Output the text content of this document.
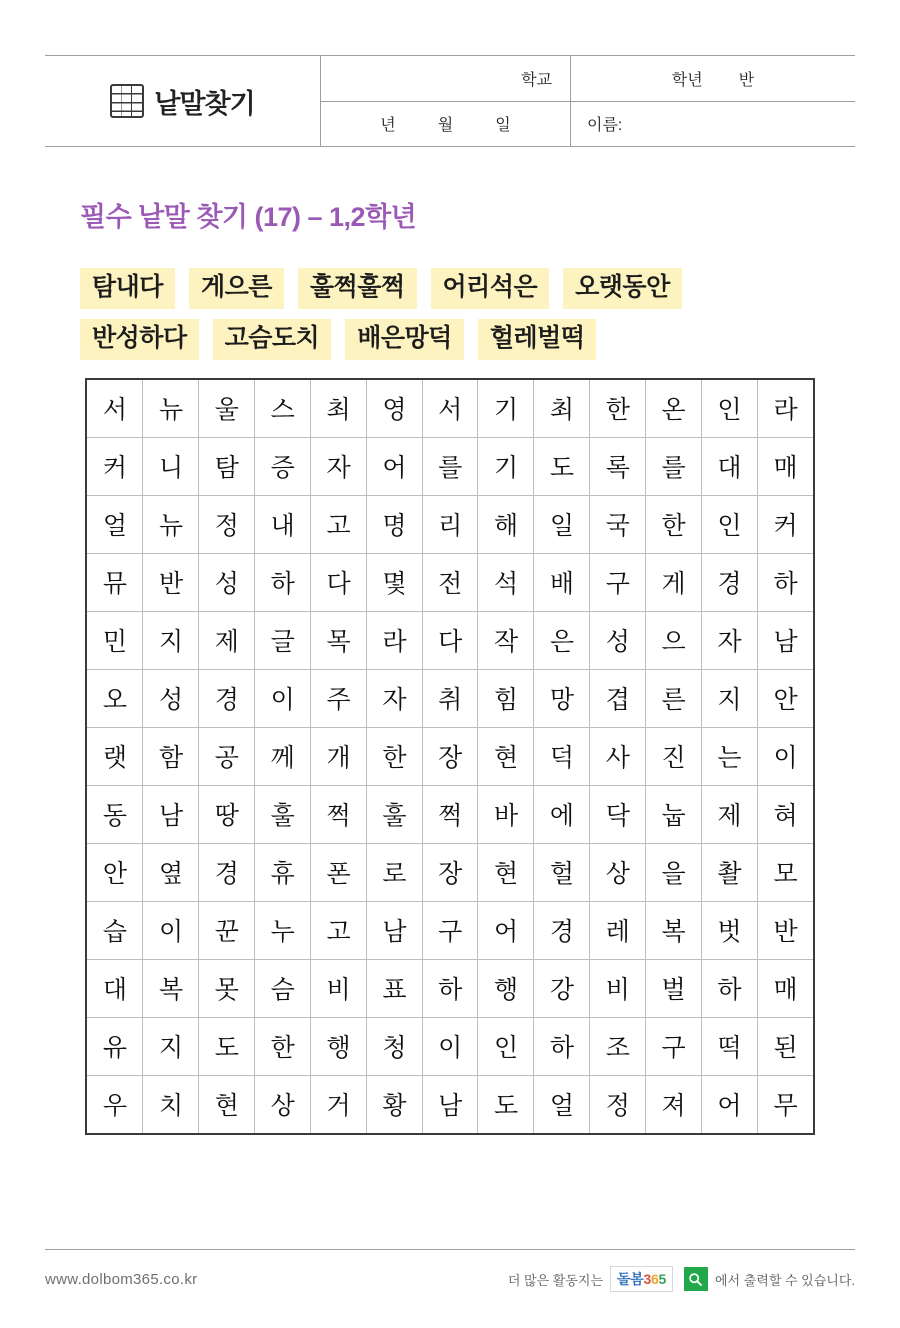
낱말찾기
학교	학년 반
년	월	일	이름:
필수 낱말 찾기 (17) – 1,2학년
탐내다	게으른	훌쩍훌쩍	어리석은	오랫동안
반성하다	고슴도치	배은망덕	헐레벌떡
서	뉴	울	스	최	영	서	기	최	한	온	인	라
커	니	탐	증	자	어	를	기	도	록	를	대	매
얼	뉴	정	내	고	명	리	해	일	국	한	인	커
뮤	반	성	하	다	몇	전	석	배	구	게	경	하
민	지	제	글	목	라	다	작	은	성	으	자	남
오	성	경	이	주	자	취	힘	망	겹	른	지	안
랫	함	공	께	개	한	장	현	덕	사	진	는	이
동	남	땅	훌	쩍	훌	쩍	바	에	닥	눕	제	혀
안	옆	경	휴	폰	로	장	현	헐	상	을	촬	모
습	이	꾼	누	고	남	구	어	경	레	복	벗	반
대	복	못	슴	비	표	하	행	강	비	벌	하	매
유	지	도	한	행	청	이	인	하	조	구	떡	된
우	치	현	상	거	황	남	도	얼	정	져	어	무
www.dolbom365.co.kr	더 많은 활동지는 돌봄 3 6 5	에서 출력할 수 있습니다.
